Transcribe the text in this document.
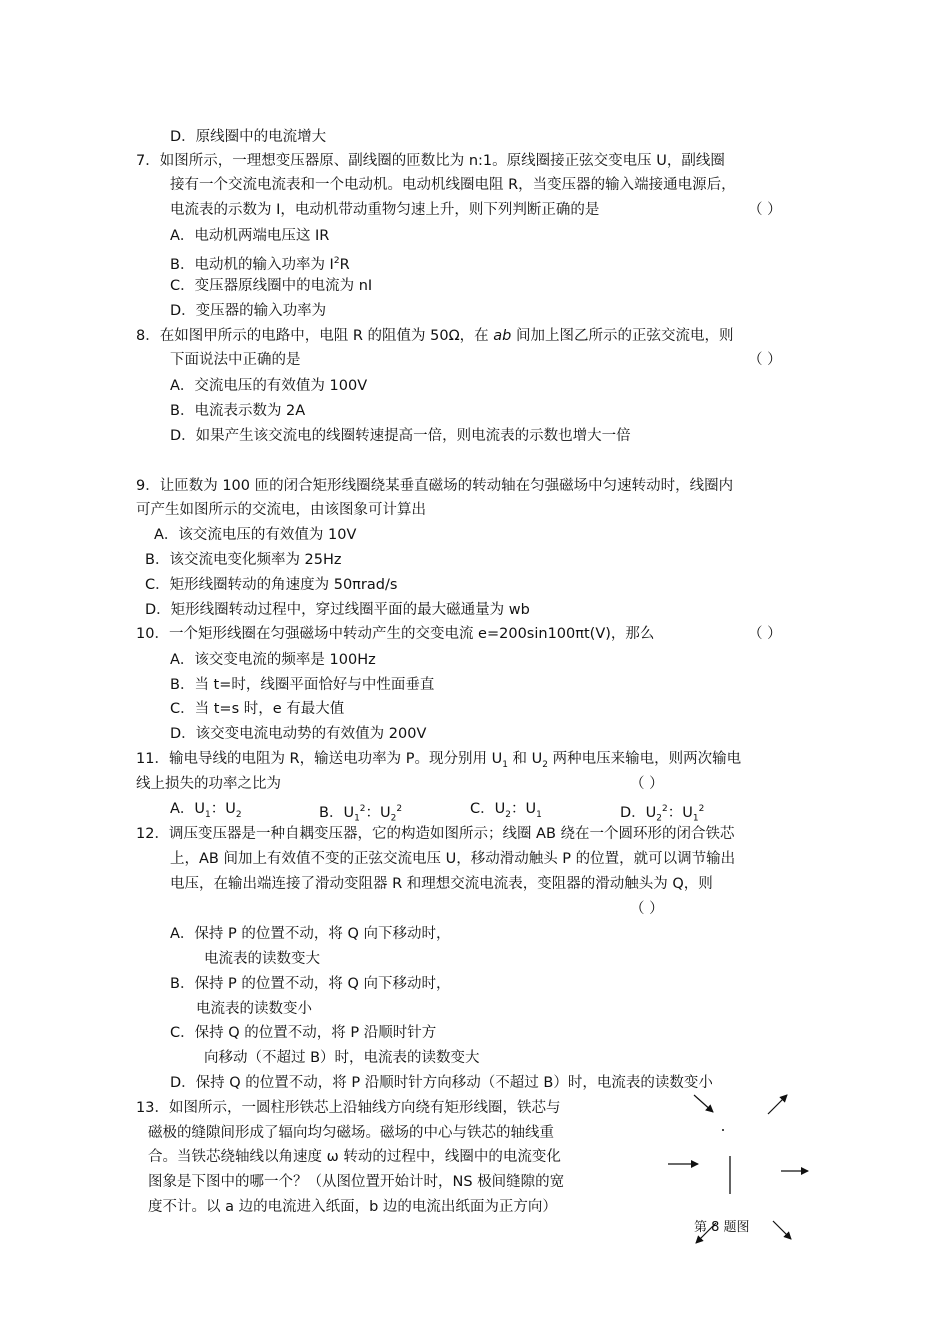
D．原线圈中的电流增大
7．如图所示，一理想变压器原、副线圈的匝数比为 n:1。原线圈接正弦交变电压 U，副线圈
接有一个交流电流表和一个电动机。电动机线圈电阻 R，当变压器的输入端接通电源后，
电流表的示数为 I，电动机带动重物匀速上升，则下列判断正确的是	（ ）
A．电动机两端电压这 IR
B．电动机的输入功率为 $I^2R$
C．变压器原线圈中的电流为 nI
D．变压器的输入功率为
8．在如图甲所示的电路中，电阻 R 的阻值为 50Ω，在 ab 间加上图乙所示的正弦交流电，则
下面说法中正确的是	（ ）
A．交流电压的有效值为 100V
B．电流表示数为 2A
D．如果产生该交流电的线圈转速提高一倍，则电流表的示数也增大一倍
9．让匝数为 100 匝的闭合矩形线圈绕某垂直磁场的转动轴在匀强磁场中匀速转动时，线圈内
可产生如图所示的交流电，由该图象可计算出
A．该交流电压的有效值为 10V
B．该交流电变化频率为 25Hz
C．矩形线圈转动的角速度为 50πrad/s
D．矩形线圈转动过程中，穿过线圈平面的最大磁通量为 wb
10．一个矩形线圈在匀强磁场中转动产生的交变电流 e=200sin100πt(V)，那么	（ ）
A．该交变电流的频率是 100Hz
B．当 t=时，线圈平面恰好与中性面垂直
C．当 t=s 时，e 有最大值
D．该交变电流电动势的有效值为 200V
11．输电导线的电阻为 R，输送电功率为 P。现分别用 $U_1$ 和 $U_2$ 两种电压来输电，则两次输电
线上损失的功率之比为	（ ）
A．$U_1$：$U_2$	B．$U_1^2$：$U_2^2$	C．$U_2$：$U_1$	D．$U_2^2$：$U_1^2$
12．调压变压器是一种自耦变压器，它的构造如图所示；线圈 AB 绕在一个圆环形的闭合铁芯
上，AB 间加上有效值不变的正弦交流电压 U，移动滑动触头 P 的位置，就可以调节输出
电压，在输出端连接了滑动变阻器 R 和理想交流电流表，变阻器的滑动触头为 Q，则
（ ）
A．保持 P 的位置不动，将 Q 向下移动时，
电流表的读数变大
B．保持 P 的位置不动，将 Q 向下移动时，
电流表的读数变小
C．保持 Q 的位置不动，将 P 沿顺时针方
向移动（不超过 B）时，电流表的读数变大
D．保持 Q 的位置不动，将 P 沿顺时针方向移动（不超过 B）时，电流表的读数变小
13．如图所示，一圆柱形铁芯上沿轴线方向绕有矩形线圈，铁芯与
磁极的缝隙间形成了辐向均匀磁场。磁场的中心与铁芯的轴线重
合。当铁芯绕轴线以角速度 ω 转动的过程中，线圈中的电流变化
图象是下图中的哪一个？（从图位置开始计时，NS 极间缝隙的宽
度不计。以 a 边的电流进入纸面，b 边的电流出纸面为正方向）
第 8 题图
